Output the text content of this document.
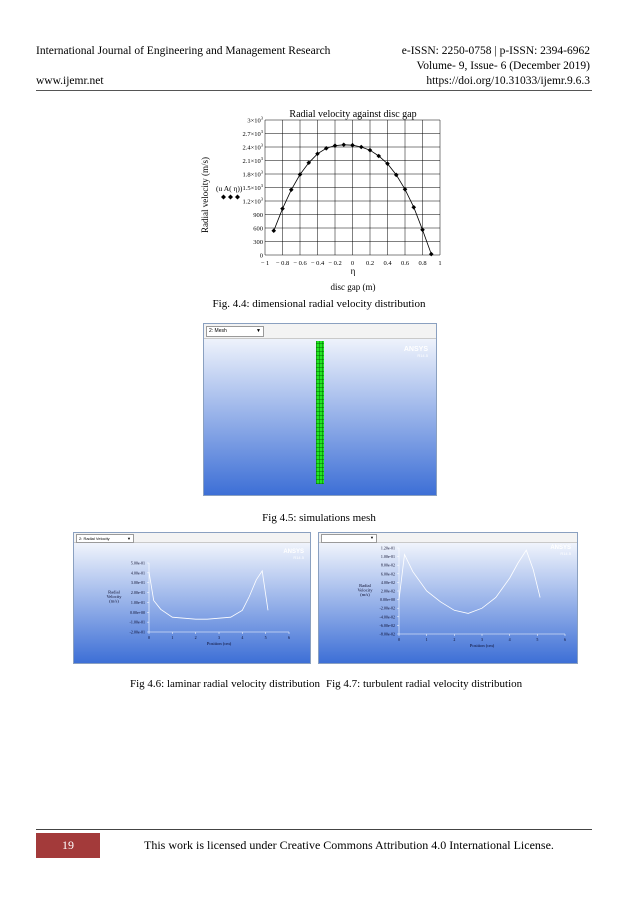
International Journal of Engineering and Management Research	e-ISSN: 2250-0758 | p-ISSN: 2394-6962
Volume- 9, Issue- 6 (December 2019)
www.ijemr.net	https://doi.org/10.31033/ijemr.9.6.3
Radial velocity against disc gap
Radial velocity (m/s) (u A( η))
0
300
600
900
$1.2\times 10^3$
$1.5\times 10^3$
$1.8\times 10^3$
$2.1\times 10^3$
$2.4\times 10^3$
$2.7\times 10^3$
$3\times 10^3$
− 1 − 0.8 − 0.6 − 0.4 − 0.2 0 0.2 0.4 0.6 0.8 1
η
disc gap (m)
Fig. 4.4: dimensional radial velocity distribution
2: Mesh	▼
ANSYS
R14.5
Fig 4.5: simulations mesh
2: Radial Velocity	▼
ANSYS
R14.5
-2.00e-01
-1.00e-01
0.00e+00
1.00e-01
2.00e-01
3.00e-01
4.00e-01
5.00e-01
0	1	2	3	4	5	6
Position (cm)
Radial Velocity (m/s)
▼
ANSYS
R14.5
-8.00e-02
-6.00e-02
-4.00e-02
-2.00e-02
0.00e+00
2.00e-02
4.00e-02
6.00e-02
8.00e-02
1.00e-01
1.20e-01
0	1	2	3	4	5	6
Position (cm)
Radial Velocity (m/s)
Fig 4.6: laminar radial velocity distribution Fig 4.7: turbulent radial velocity distribution
19	This work is licensed under Creative Commons Attribution 4.0 International License.
